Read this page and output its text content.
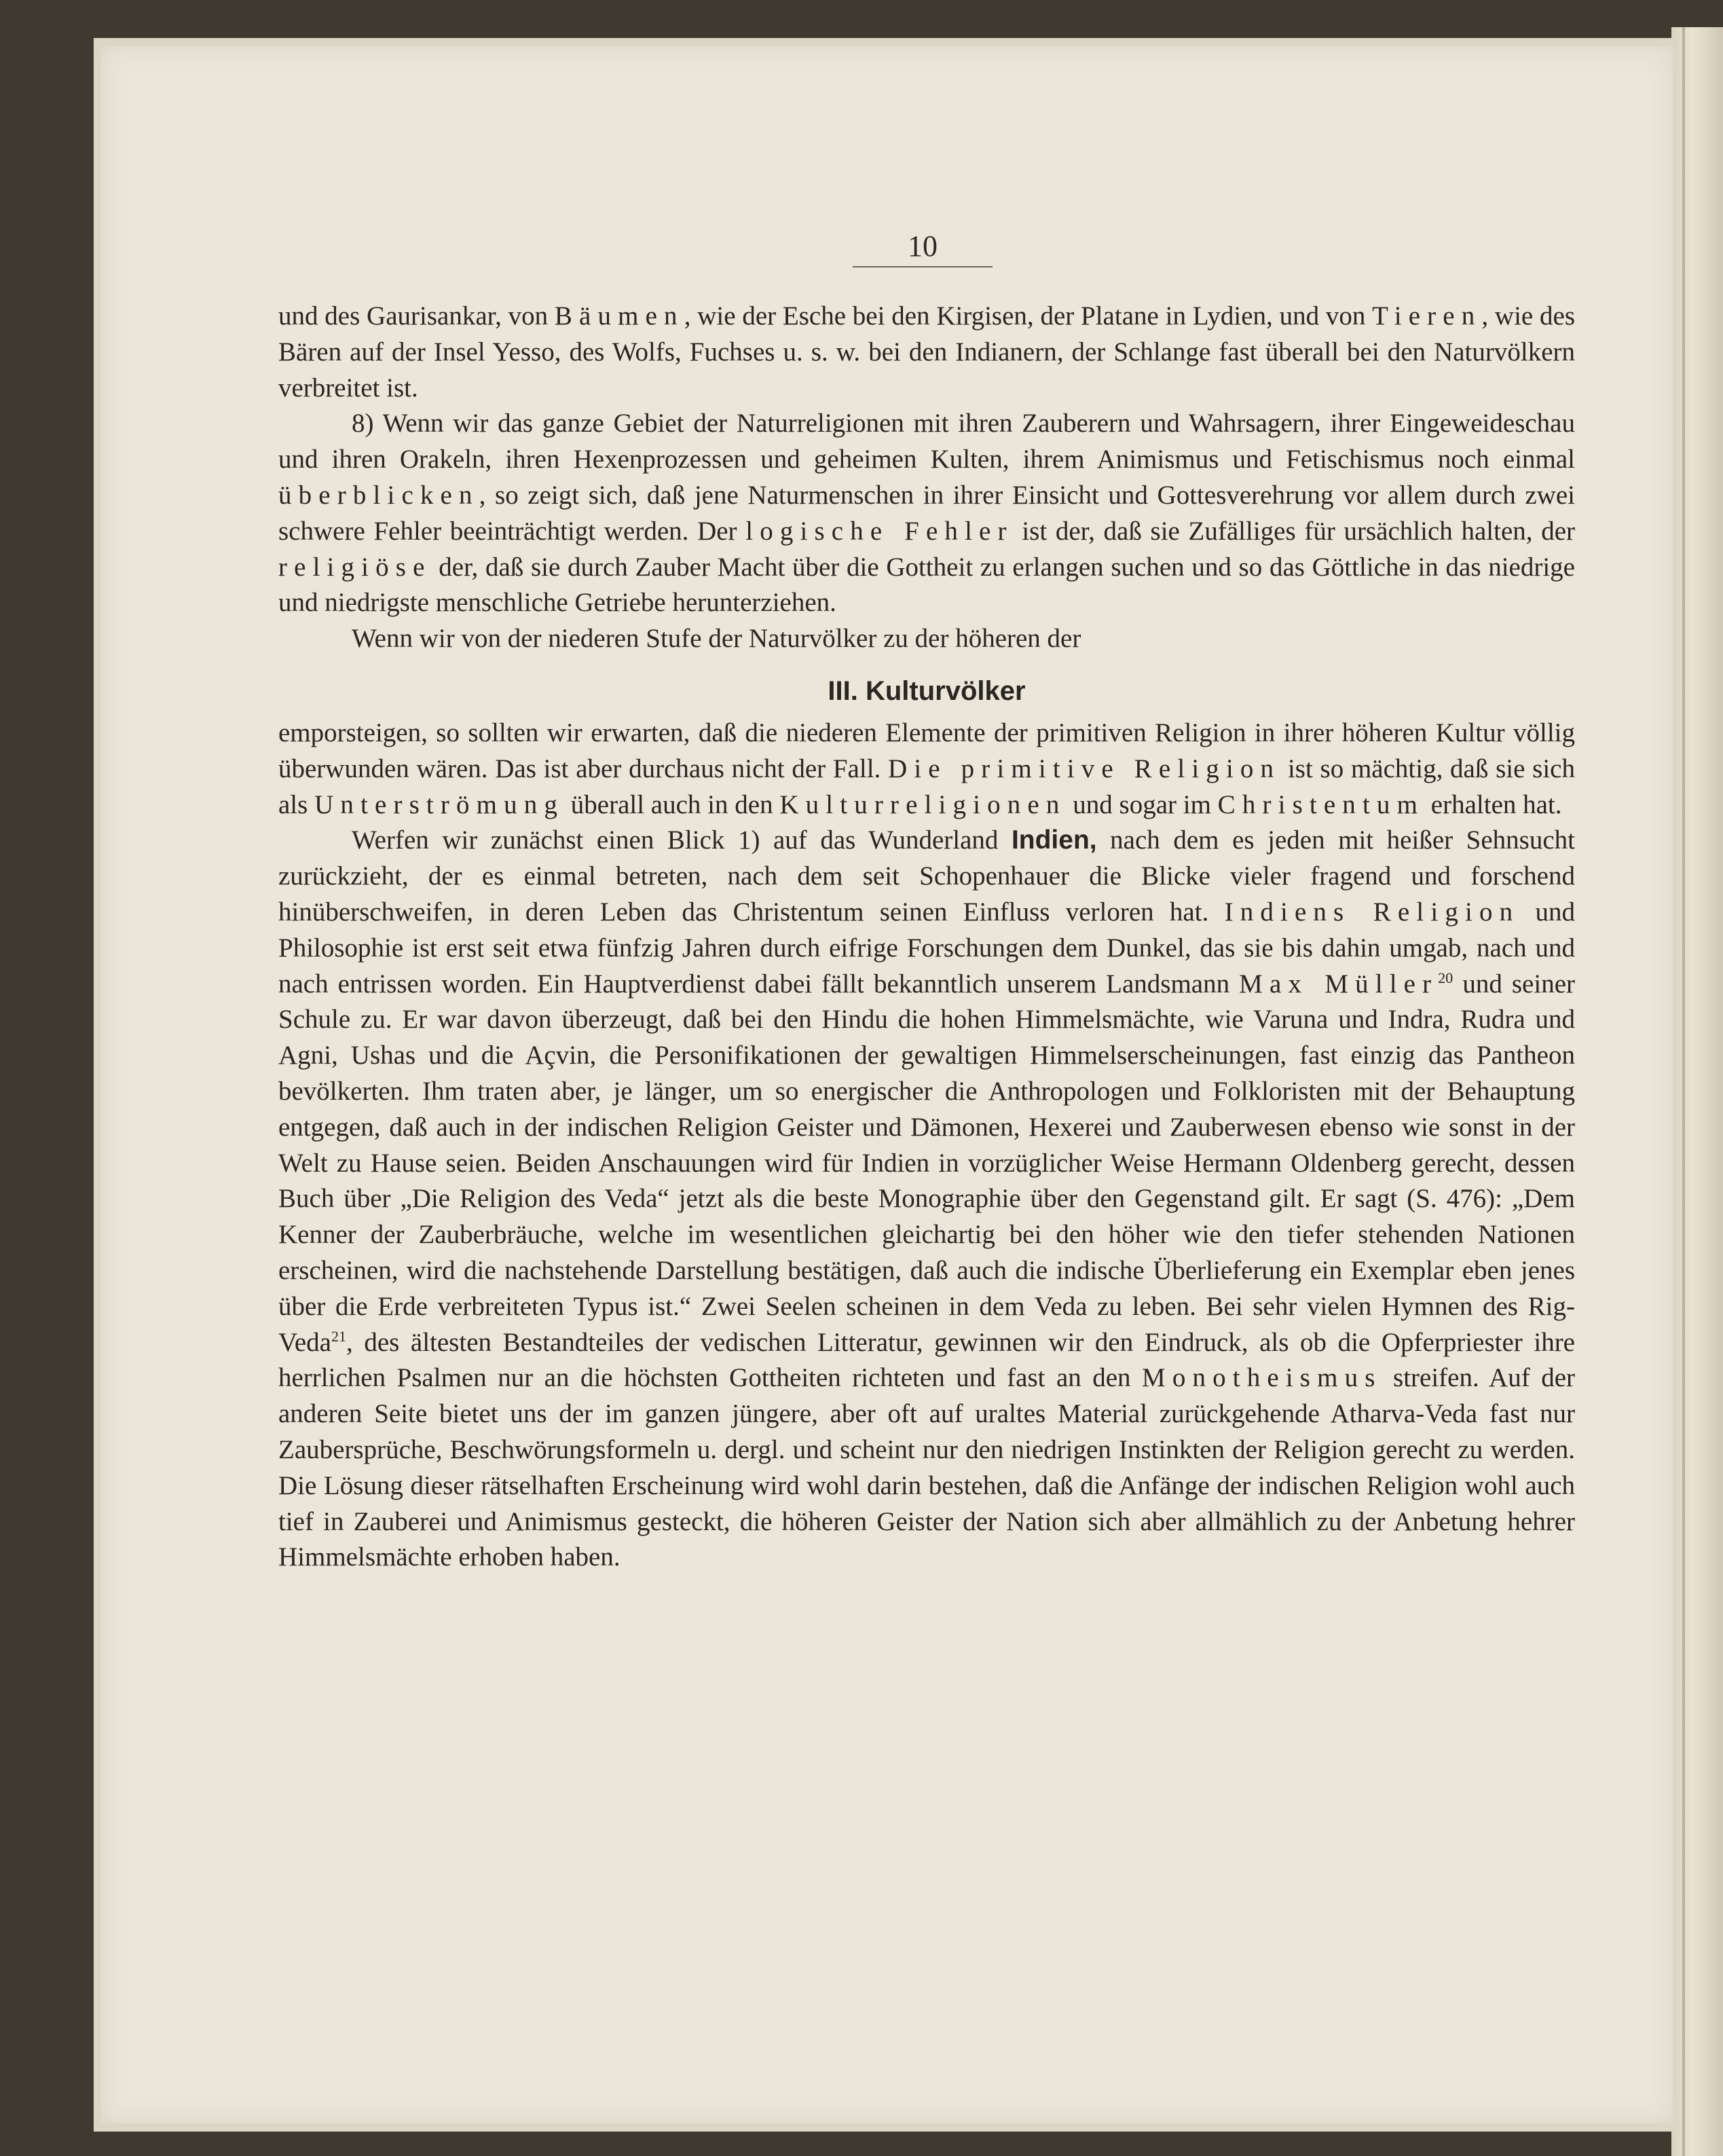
10

und des Gaurisankar, von Bäumen, wie der Esche bei den Kirgisen, der Platane in Lydien, und von Tieren, wie des Bären auf der Insel Yesso, des Wolfs, Fuchses u. s. w. bei den Indianern, der Schlange fast überall bei den Naturvölkern verbreitet ist.

8) Wenn wir das ganze Gebiet der Naturreligionen mit ihren Zauberern und Wahrsagern, ihrer Eingeweideschau und ihren Orakeln, ihren Hexenprozessen und geheimen Kulten, ihrem Animismus und Fetischismus noch einmal überblicken, so zeigt sich, daß jene Naturmenschen in ihrer Einsicht und Gottesverehrung vor allem durch zwei schwere Fehler beeinträchtigt werden. Der logische Fehler ist der, daß sie Zufälliges für ursächlich halten, der religiöse der, daß sie durch Zauber Macht über die Gottheit zu erlangen suchen und so das Göttliche in das niedrige und niedrigste menschliche Getriebe herunterziehen.

Wenn wir von der niederen Stufe der Naturvölker zu der höheren der

III. Kulturvölker

emporsteigen, so sollten wir erwarten, daß die niederen Elemente der primitiven Religion in ihrer höheren Kultur völlig überwunden wären. Das ist aber durchaus nicht der Fall. Die primitive Religion ist so mächtig, daß sie sich als Unterströmung überall auch in den Kulturreligionen und sogar im Christentum erhalten hat.

Werfen wir zunächst einen Blick 1) auf das Wunderland Indien, nach dem es jeden mit heißer Sehnsucht zurückzieht, der es einmal betreten, nach dem seit Schopenhauer die Blicke vieler fragend und forschend hinüberschweifen, in deren Leben das Christentum seinen Einfluss verloren hat. Indiens Religion und Philosophie ist erst seit etwa fünfzig Jahren durch eifrige Forschungen dem Dunkel, das sie bis dahin umgab, nach und nach entrissen worden. Ein Hauptverdienst dabei fällt bekanntlich unserem Landsmann Max Müller$^{20}$ und seiner Schule zu. Er war davon überzeugt, daß bei den Hindu die hohen Himmelsmächte, wie Varuna und Indra, Rudra und Agni, Ushas und die Açvin, die Personifikationen der gewaltigen Himmelserscheinungen, fast einzig das Pantheon bevölkerten. Ihm traten aber, je länger, um so energischer die Anthropologen und Folkloristen mit der Behauptung entgegen, daß auch in der indischen Religion Geister und Dämonen, Hexerei und Zauberwesen ebenso wie sonst in der Welt zu Hause seien. Beiden Anschauungen wird für Indien in vorzüglicher Weise Hermann Oldenberg gerecht, dessen Buch über „Die Religion des Veda“ jetzt als die beste Monographie über den Gegenstand gilt. Er sagt (S. 476): „Dem Kenner der Zauberbräuche, welche im wesentlichen gleichartig bei den höher wie den tiefer stehenden Nationen erscheinen, wird die nachstehende Darstellung bestätigen, daß auch die indische Überlieferung ein Exemplar eben jenes über die Erde verbreiteten Typus ist.“ Zwei Seelen scheinen in dem Veda zu leben. Bei sehr vielen Hymnen des Rig-Veda$^{21}$, des ältesten Bestandteiles der vedischen Litteratur, gewinnen wir den Eindruck, als ob die Opferpriester ihre herrlichen Psalmen nur an die höchsten Gottheiten richteten und fast an den Monotheismus streifen. Auf der anderen Seite bietet uns der im ganzen jüngere, aber oft auf uraltes Material zurückgehende Atharva-Veda fast nur Zaubersprüche, Beschwörungsformeln u. dergl. und scheint nur den niedrigen Instinkten der Religion gerecht zu werden. Die Lösung dieser rätselhaften Erscheinung wird wohl darin bestehen, daß die Anfänge der indischen Religion wohl auch tief in Zauberei und Animismus gesteckt, die höheren Geister der Nation sich aber allmählich zu der Anbetung hehrer Himmelsmächte erhoben haben.
